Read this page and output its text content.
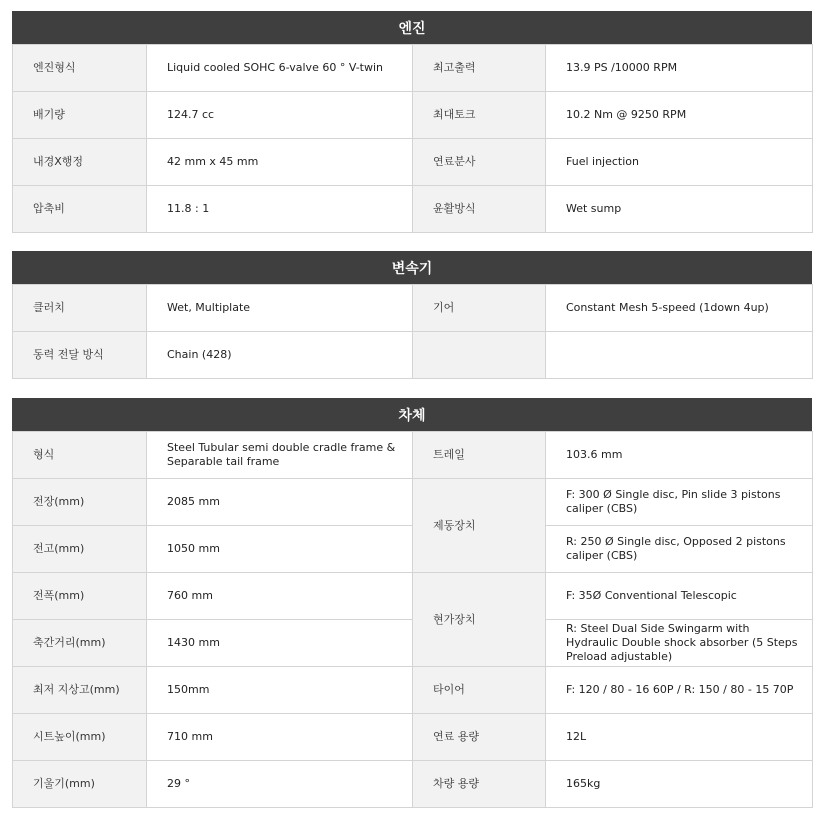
엔진
엔진형식	Liquid cooled SOHC 6-valve 60 ° V-twin	최고출력	13.9 PS /10000 RPM
배기량	124.7 cc	최대토크	10.2 Nm @ 9250 RPM
내경X행정	42 mm x 45 mm	연료분사	Fuel injection
압축비	11.8 : 1	윤활방식	Wet sump
변속기
클러치	Wet, Multiplate	기어	Constant Mesh 5-speed (1down 4up)
동력 전달 방식	Chain (428)		
차체
형식	Steel Tubular semi double cradle frame & Separable tail frame	트레일	103.6 mm
전장(mm)	2085 mm	제동장치	F: 300 Ø Single disc, Pin slide 3 pistons caliper (CBS)
전고(mm)	1050 mm		R: 250 Ø Single disc, Opposed 2 pistons caliper (CBS)
전폭(mm)	760 mm	현가장치	F: 35Ø Conventional Telescopic
축간거리(mm)	1430 mm		R: Steel Dual Side Swingarm with Hydraulic Double shock absorber (5 Steps Preload adjustable)
최저 지상고(mm)	150mm	타이어	F: 120 / 80 - 16 60P / R: 150 / 80 - 15 70P
시트높이(mm)	710 mm	연료 용량	12L
기울기(mm)	29 °	차량 용량	165kg
